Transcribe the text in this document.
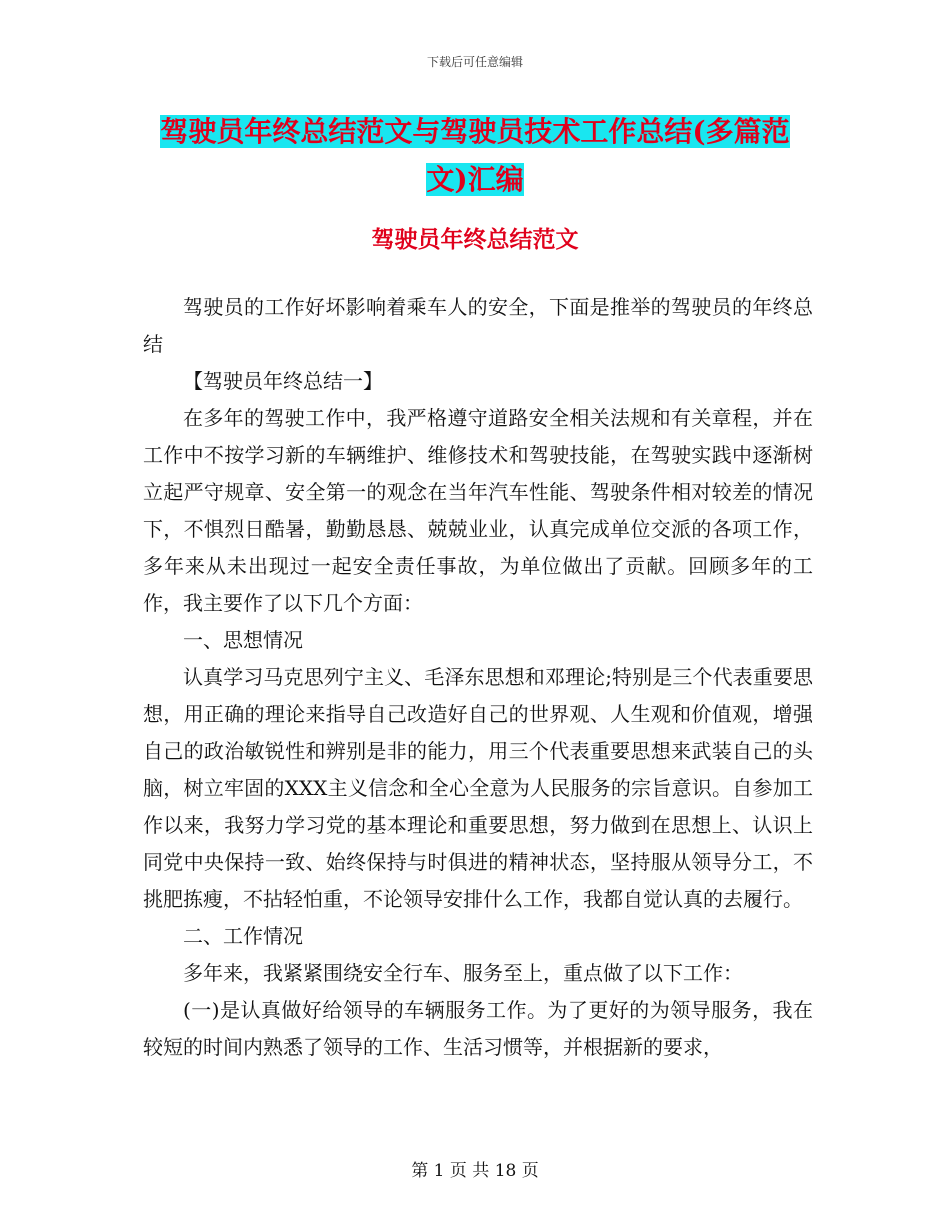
下载后可任意编辑
驾驶员年终总结范文与驾驶员技术工作总结(多篇范文)汇编
驾驶员年终总结范文

驾驶员的工作好坏影响着乘车人的安全，下面是推举的驾驶员的年终总结

【驾驶员年终总结一】

在多年的驾驶工作中，我严格遵守道路安全相关法规和有关章程，并在工作中不按学习新的车辆维护、维修技术和驾驶技能，在驾驶实践中逐渐树立起严守规章、安全第一的观念在当年汽车性能、驾驶条件相对较差的情况下，不惧烈日酷暑，勤勤恳恳、兢兢业业，认真完成单位交派的各项工作，多年来从未出现过一起安全责任事故，为单位做出了贡献。回顾多年的工作，我主要作了以下几个方面：

一、思想情况

认真学习马克思列宁主义、毛泽东思想和邓理论;特别是三个代表重要思想，用正确的理论来指导自己改造好自己的世界观、人生观和价值观，增强自己的政治敏锐性和辨别是非的能力，用三个代表重要思想来武装自己的头脑，树立牢固的XXX主义信念和全心全意为人民服务的宗旨意识。自参加工作以来，我努力学习党的基本理论和重要思想，努力做到在思想上、认识上同党中央保持一致、始终保持与时俱进的精神状态，坚持服从领导分工，不挑肥拣瘦，不拈轻怕重，不论领导安排什么工作，我都自觉认真的去履行。

二、工作情况

多年来，我紧紧围绕安全行车、服务至上，重点做了以下工作：

(一)是认真做好给领导的车辆服务工作。为了更好的为领导服务，我在较短的时间内熟悉了领导的工作、生活习惯等，并根据新的要求，

第 1 页 共 18 页
